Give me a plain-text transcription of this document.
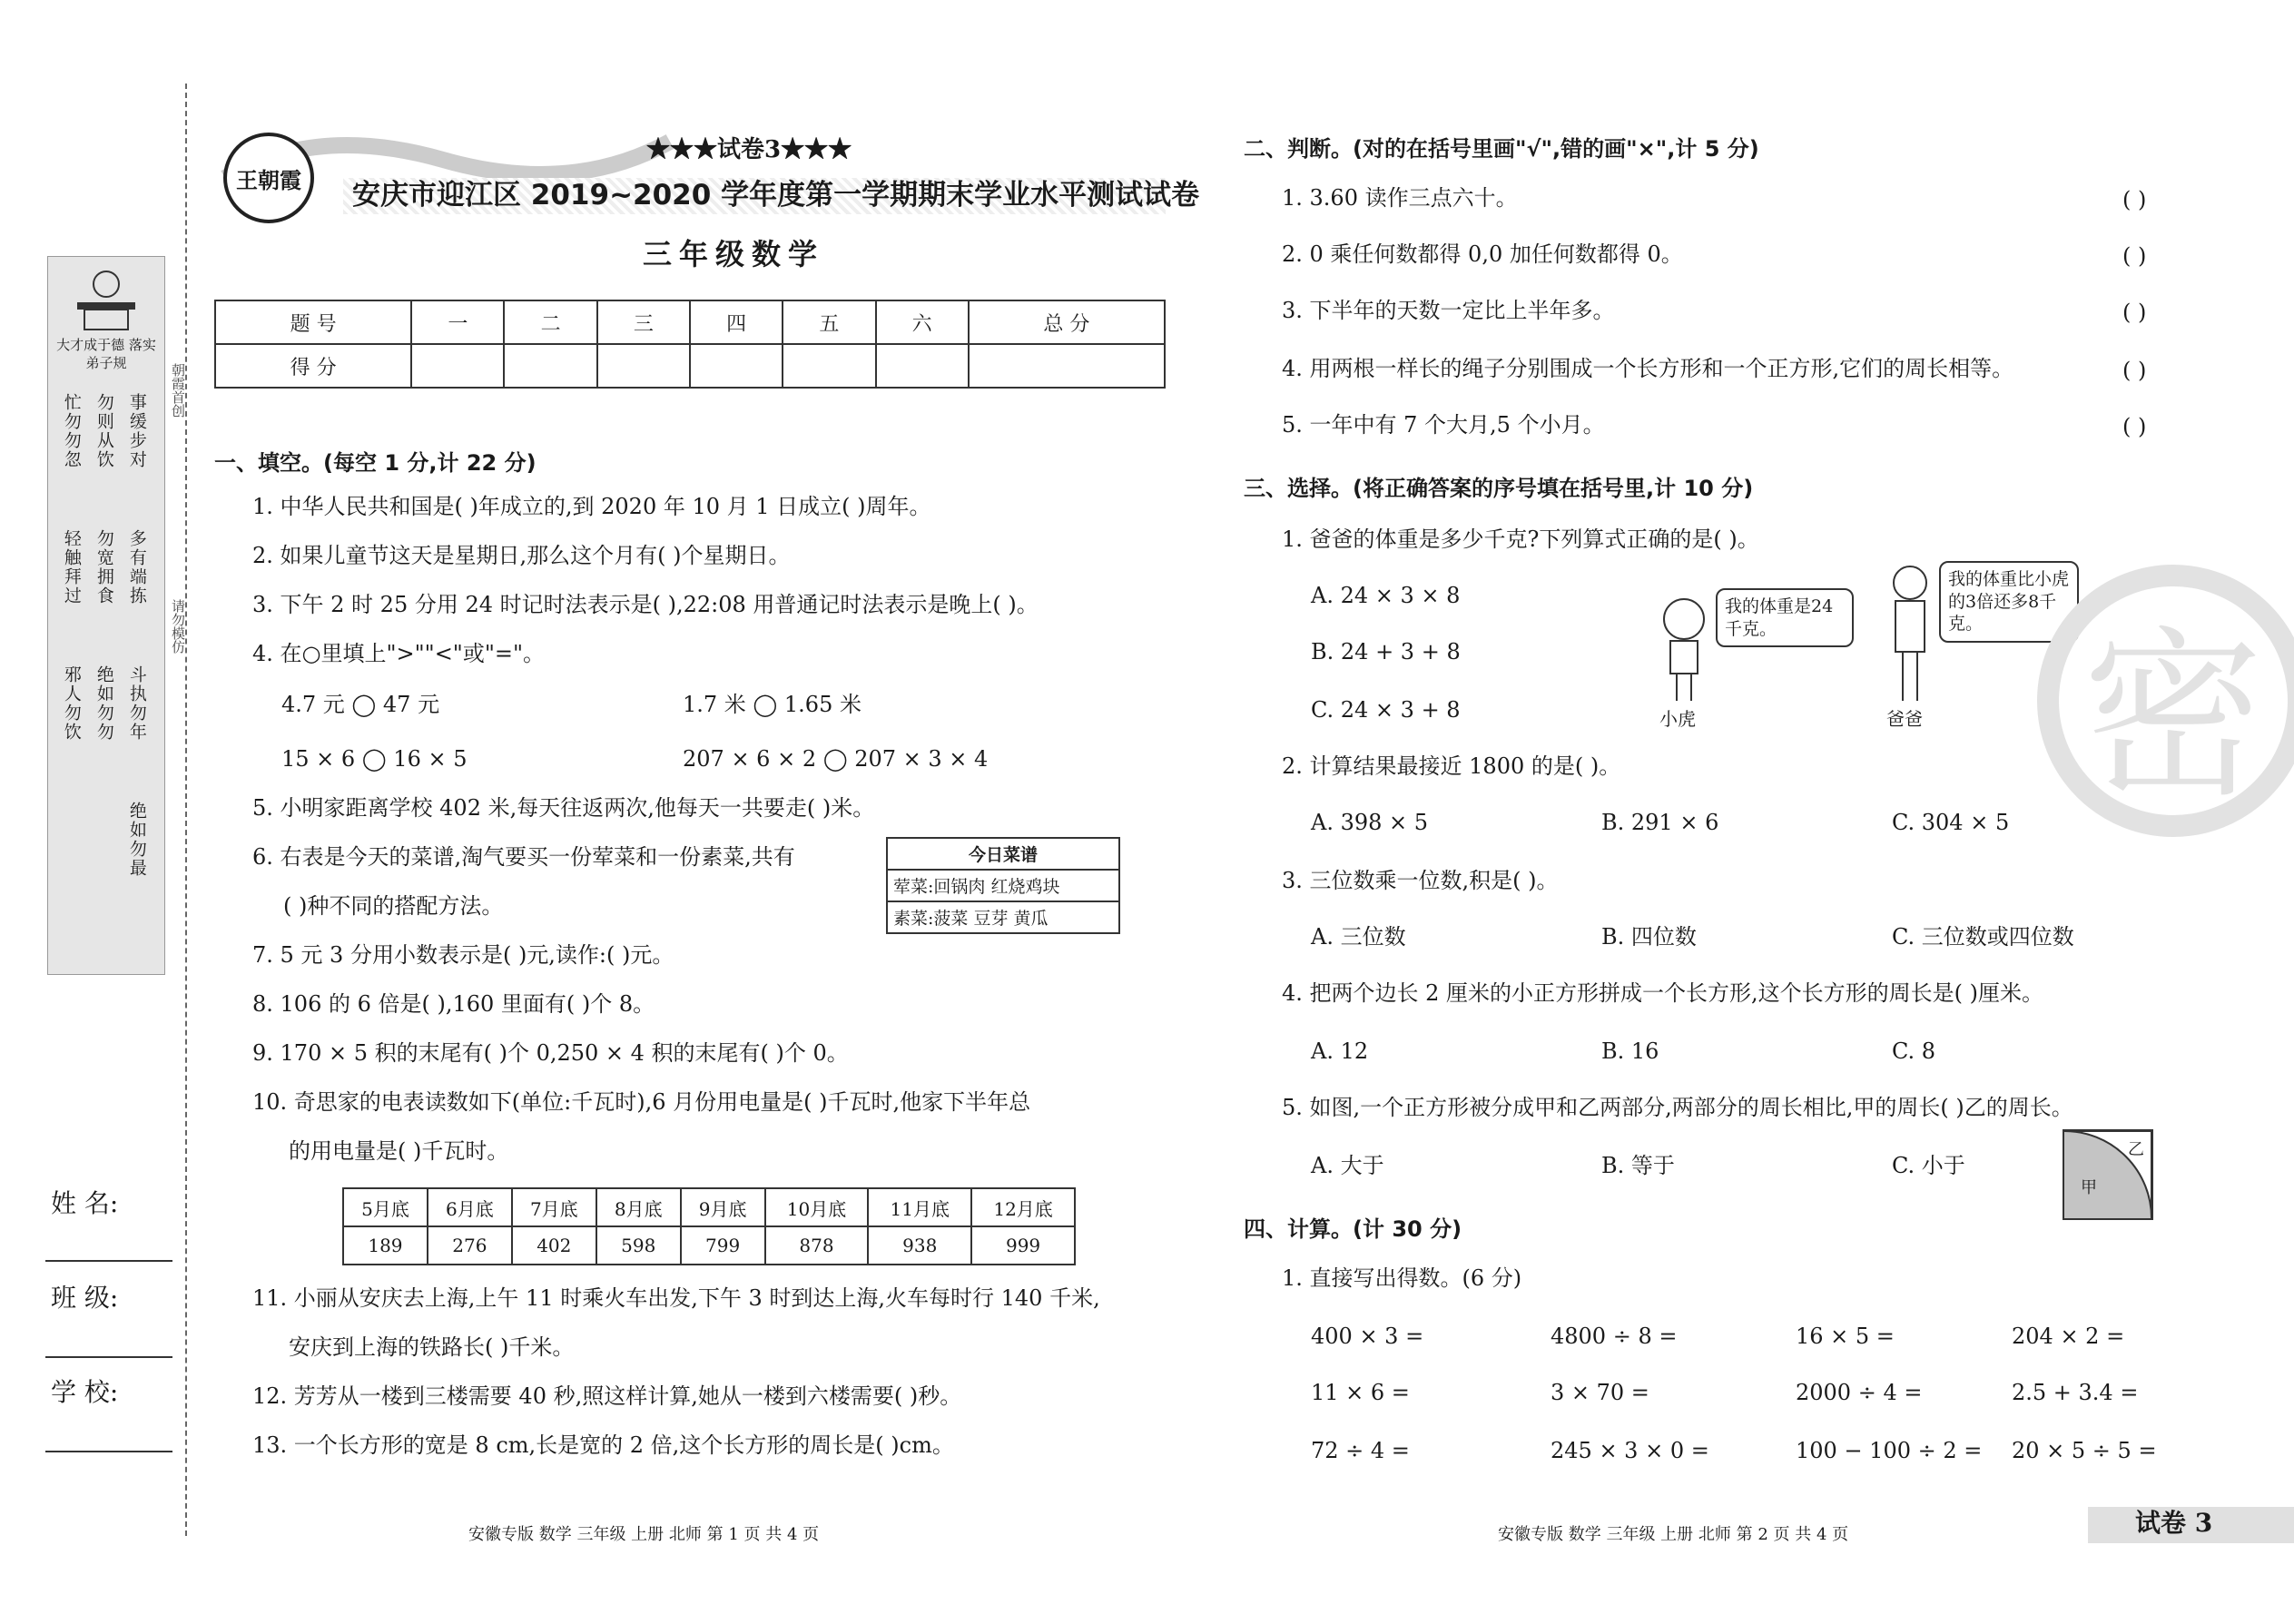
朝霞首创
请勿模仿
大才成于德 落实弟子规
事缓步对
勿则从饮
忙勿勿忽
多有端拣
勿宽拥食
轻触拜过
斗执勿年
绝如勿勿
邪人勿饮
绝如勿最
姓 名:
班 级:
学 校:
王朝霞
★★★试卷3★★★
安庆市迎江区 2019~2020 学年度第一学期期末学业水平测试试卷
三年级数学
题 号	一	二	三	四	五	六	总 分
得 分							
一、填空。(每空 1 分,计 22 分)
1. 中华人民共和国是( )年成立的,到 2020 年 10 月 1 日成立( )周年。
2. 如果儿童节这天是星期日,那么这个月有( )个星期日。
3. 下午 2 时 25 分用 24 时记时法表示是( ),22:08 用普通记时法表示是晚上( )。
4. 在○里填上">""<"或"="。
4.7 元 ◯ 47 元	1.7 米 ◯ 1.65 米
15 × 6 ◯ 16 × 5	207 × 6 × 2 ◯ 207 × 3 × 4
5. 小明家距离学校 402 米,每天往返两次,他每天一共要走( )米。
6. 右表是今天的菜谱,淘气要买一份荤菜和一份素菜,共有
( )种不同的搭配方法。
7. 5 元 3 分用小数表示是( )元,读作:( )元。
8. 106 的 6 倍是( ),160 里面有( )个 8。
9. 170 × 5 积的末尾有( )个 0,250 × 4 积的末尾有( )个 0。
10. 奇思家的电表读数如下(单位:千瓦时),6 月份用电量是( )千瓦时,他家下半年总
的用电量是( )千瓦时。
11. 小丽从安庆去上海,上午 11 时乘火车出发,下午 3 时到达上海,火车每时行 140 千米,
安庆到上海的铁路长( )千米。
12. 芳芳从一楼到三楼需要 40 秒,照这样计算,她从一楼到六楼需要( )秒。
13. 一个长方形的宽是 8 cm,长是宽的 2 倍,这个长方形的周长是( )cm。
今日菜谱
荤菜:回锅肉 红烧鸡块
素菜:菠菜 豆芽 黄瓜
5月底	6月底	7月底	8月底	9月底	10月底	11月底	12月底
189	276	402	598	799	878	938	999
安徽专版 数学 三年级 上册 北师 第 1 页 共 4 页
二、判断。(对的在括号里画"√",错的画"×",计 5 分)
1. 3.60 读作三点六十。	( )
2. 0 乘任何数都得 0,0 加任何数都得 0。	( )
3. 下半年的天数一定比上半年多。	( )
4. 用两根一样长的绳子分别围成一个长方形和一个正方形,它们的周长相等。	( )
5. 一年中有 7 个大月,5 个小月。	( )
三、选择。(将正确答案的序号填在括号里,计 10 分)
1. 爸爸的体重是多少千克?下列算式正确的是( )。
A. 24 × 3 × 8
B. 24 + 3 + 8
C. 24 × 3 + 8
我的体重是24千克。
小虎
我的体重比小虎的3倍还多8千克。
爸爸
2. 计算结果最接近 1800 的是( )。
A. 398 × 5	B. 291 × 6	C. 304 × 5
3. 三位数乘一位数,积是( )。
A. 三位数	B. 四位数	C. 三位数或四位数
4. 把两个边长 2 厘米的小正方形拼成一个长方形,这个长方形的周长是( )厘米。
A. 12	B. 16	C. 8
5. 如图,一个正方形被分成甲和乙两部分,两部分的周长相比,甲的周长( )乙的周长。
A. 大于	B. 等于	C. 小于
甲
乙
四、计算。(计 30 分)
1. 直接写出得数。(6 分)
400 × 3 =	4800 ÷ 8 =	16 × 5 =	204 × 2 =
11 × 6 =	3 × 70 =	2000 ÷ 4 =	2.5 + 3.4 =
72 ÷ 4 =	245 × 3 × 0 =	100 − 100 ÷ 2 = 20 × 5 ÷ 5 =
安徽专版 数学 三年级 上册 北师 第 2 页 共 4 页	试卷 3
密
